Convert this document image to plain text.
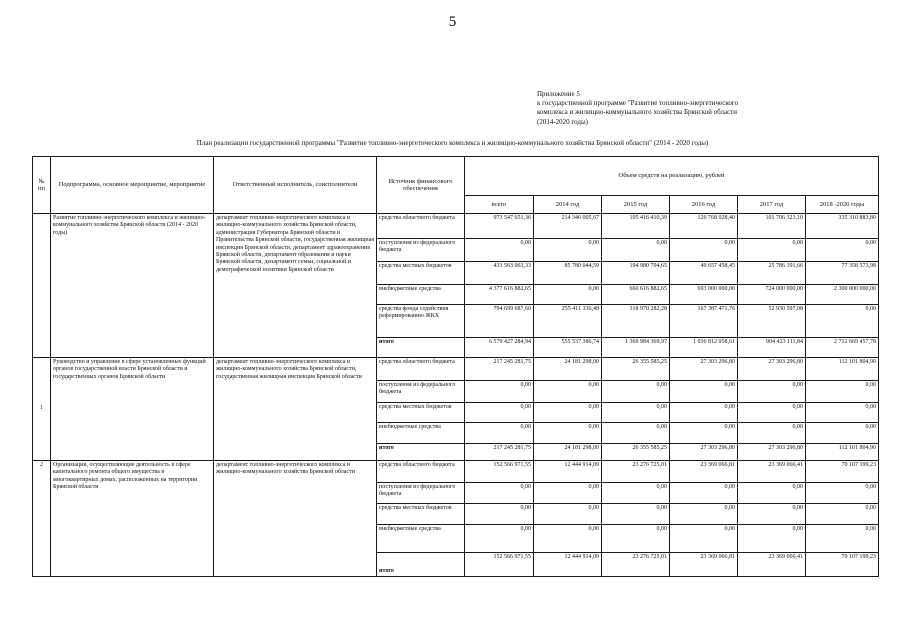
5
Приложение 5
к государственной программе "Развитие топливно-энергетического
комплекса и жилищно-коммунального хозяйства Брянской области
(2014-2020 годы)
План реализации государственной программы "Развитие топливно-энергетического комплекса и жилищно-коммунального хозяйства Брянской области" (2014 - 2020 годы)
№ пп	Подпрограмма, основное мероприятие, мероприятие	Ответственный исполнитель, соисполнители	Источник финансового обеспечения	Объем средств на реализацию, рублей					
				всего	2014 год	2015 год	2016 год	2017 год	2018 -2020 годы
	Развитие топливно-энергетического комплекса и жилищно-коммунального хозяйства Брянской области (2014 - 2020 годы)	департамент топливно-энергетического комплекса и жилищно-коммунального хозяйства Брянской области, администрация Губернатора Брянской области и Правительства Брянской области, государственная жилищная инспекция Брянской области, департамент здравоохранения Брянской области, департамент образования и науки Брянской области, департамент семьи, социальной и демографической политики Брянской области	средства областного бюджета	973 547 651,36	214 346 005,67	195 416 410,39	126 768 028,40	101 706 323,10	335 310 883,80
			поступления из федерального бюджета	0,00	0,00	0,00	0,00	0,00	0,00
			средства местных бюджетов	433 563 063,33	85 780 044,59	194 980 794,65	49 657 458,45	25 786 191,66	77 358 573,98
			внебюджетные средства	4 377 616 882,65	0,00	660 616 882,65	693 000 000,00	724 000 000,00	2 300 000 000,00
			средства фонда содействия реформированию ЖКХ	794 699 687,60	255 411 336,48	318 970 282,28	167 387 471,76	52 930 597,08	0,00
			итого	6 579 427 284,94	555 537 386,74	1 369 984 369,97	1 036 812 958,61	904 423 111,84	2 712 669 457,78
1	Руководство и управление в сфере установленных функций органов государственной власти Брянской области и государственных органов Брянской области	департамент топливно-энергетического комплекса и жилищно-коммунального хозяйства Брянской области, государственная жилищная инспекция Брянской области	средства областного бюджета	217 245 281,75	24 181 298,00	26 355 585,25	27 303 296,80	27 303 296,80	112 101 804,90
			поступления из федерального бюджета	0,00	0,00	0,00	0,00	0,00	0,00
			средства местных бюджетов	0,00	0,00	0,00	0,00	0,00	0,00
			внебюджетные средства	0,00	0,00	0,00	0,00	0,00	0,00
			итого	217 245 281,75	24 181 298,00	26 355 585,25	27 303 296,80	27 303 296,80	112 101 804,90
2	Организации, осуществляющие деятельность в сфере капитального ремонта общего имущества в многоквартирных домах, расположенных на территории Брянской области	департамент топливно-энергетического комплекса и жилищно-коммунального хозяйства Брянской области	средства областного бюджета	152 566 971,55	12 444 914,09	23 276 725,01	23 369 066,81	23 369 066,41	70 107 199,23
			поступления из федерального бюджета	0,00	0,00	0,00	0,00	0,00	0,00
			средства местных бюджетов	0,00	0,00	0,00	0,00	0,00	0,00
			внебюджетные средства	0,00	0,00	0,00	0,00	0,00	0,00
			итого	152 566 971,55	12 444 914,09	23 276 725,01	23 369 066,81	23 369 066,41	70 107 199,23
